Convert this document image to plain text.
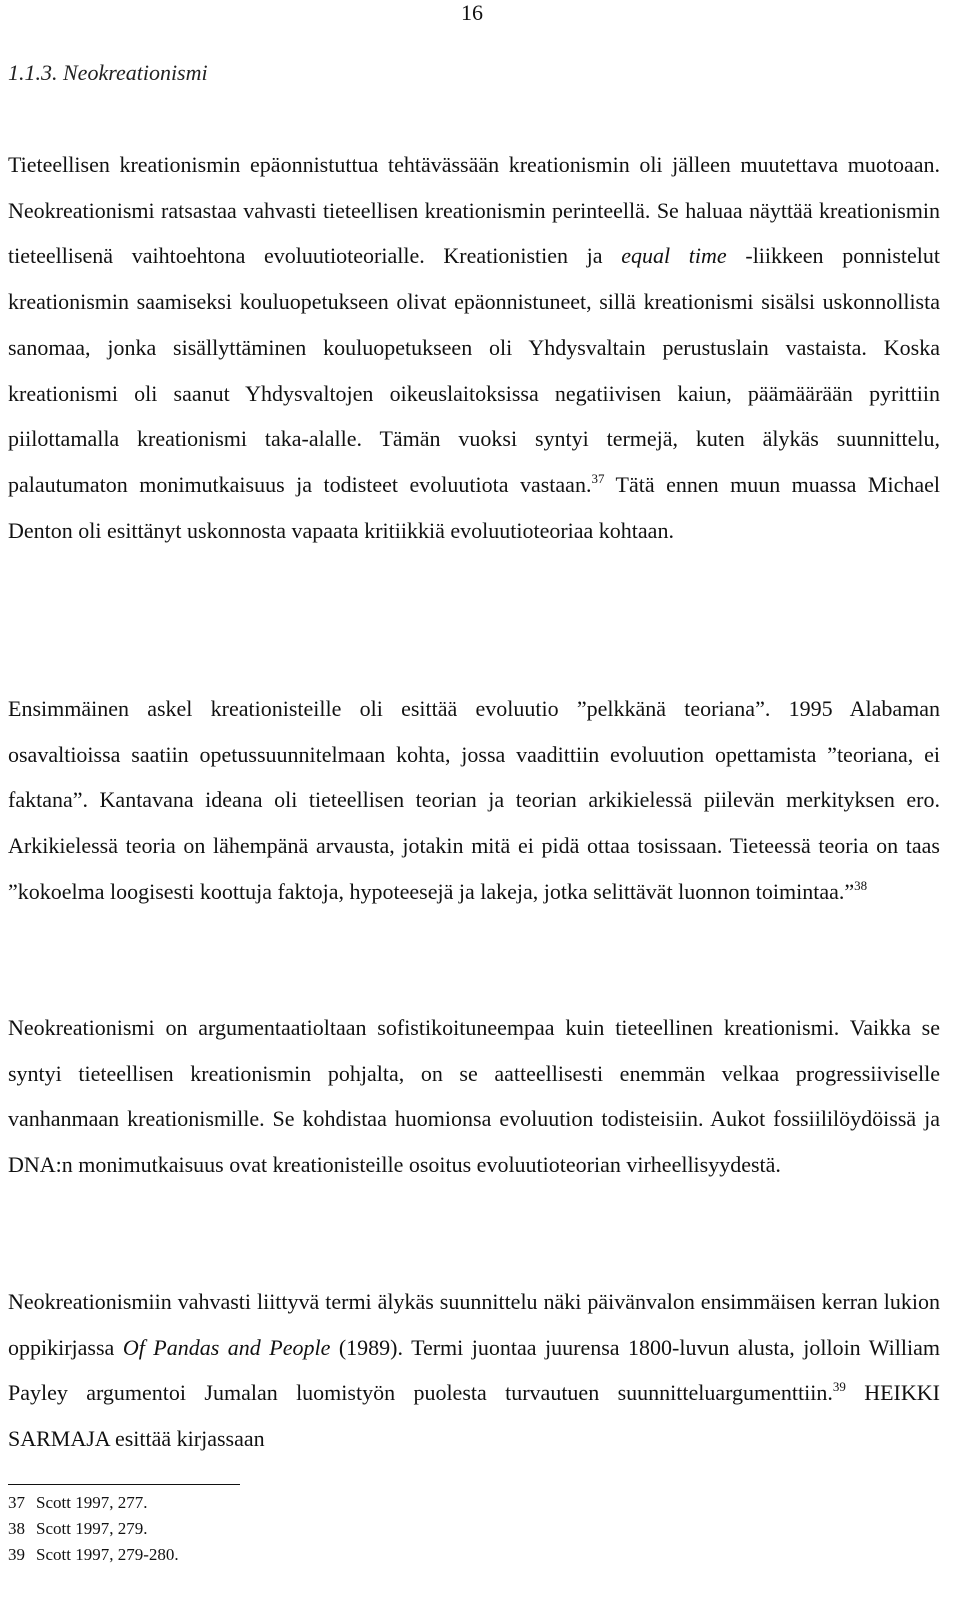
16
1.1.3. Neokreationismi

Tieteellisen kreationismin epäonnistuttua tehtävässään kreationismin oli jälleen muutettava muotoaan. Neokreationismi ratsastaa vahvasti tieteellisen kreationismin perinteellä. Se haluaa näyttää kreationismin tieteellisenä vaihtoehtona evoluutioteorialle. Kreationistien ja equal time -liikkeen ponnistelut kreationismin saamiseksi kouluopetukseen olivat epäonnistuneet, sillä kreationismi sisälsi uskonnollista sanomaa, jonka sisällyttäminen kouluopetukseen oli Yhdysvaltain perustuslain vastaista. Koska kreationismi oli saanut Yhdysvaltojen oikeuslaitoksissa negatiivisen kaiun, päämäärään pyrittiin piilottamalla kreationismi taka-alalle. Tämän vuoksi syntyi termejä, kuten älykäs suunnittelu, palautumaton monimutkaisuus ja todisteet evoluutiota vastaan.$^{37}$ Tätä ennen muun muassa Michael Denton oli esittänyt uskonnosta vapaata kritiikkiä evoluutioteoriaa kohtaan.

Ensimmäinen askel kreationisteille oli esittää evoluutio ”pelkkänä teoriana”. 1995 Alabaman osavaltioissa saatiin opetussuunnitelmaan kohta, jossa vaadittiin evoluution opettamista ”teoriana, ei faktana”. Kantavana ideana oli tieteellisen teorian ja teorian arkikielessä piilevän merkityksen ero. Arkikielessä teoria on lähempänä arvausta, jotakin mitä ei pidä ottaa tosissaan. Tieteessä teoria on taas ”kokoelma loogisesti koottuja faktoja, hypoteesejä ja lakeja, jotka selittävät luonnon toimintaa.”$^{38}$

Neokreationismi on argumentaatioltaan sofistikoituneempaa kuin tieteellinen kreationismi. Vaikka se syntyi tieteellisen kreationismin pohjalta, on se aatteellisesti enemmän velkaa progressiiviselle vanhanmaan kreationismille. Se kohdistaa huomionsa evoluution todisteisiin. Aukot fossiililöydöissä ja DNA:n monimutkaisuus ovat kreationisteille osoitus evoluutioteorian virheellisyydestä.

Neokreationismiin vahvasti liittyvä termi älykäs suunnittelu näki päivänvalon ensimmäisen kerran lukion oppikirjassa Of Pandas and People (1989). Termi juontaa juurensa 1800-luvun alusta, jolloin William Payley argumentoi Jumalan luomistyön puolesta turvautuen suunnitteluargumenttiin.$^{39}$ HEIKKI SARMAJA esittää kirjassaan

37 Scott 1997, 277.
38 Scott 1997, 279.
39 Scott 1997, 279-280.
